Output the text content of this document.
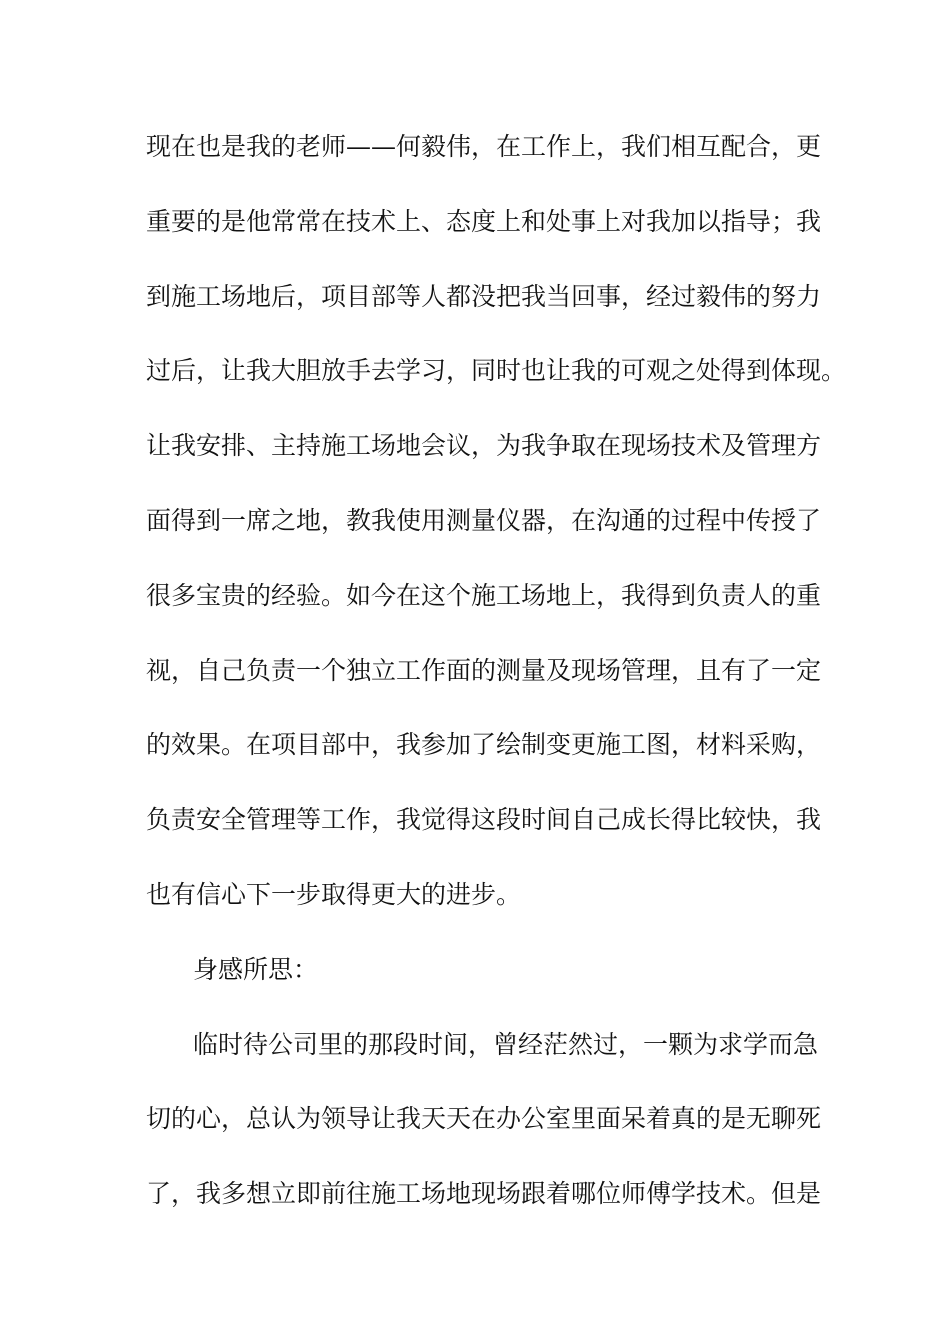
现在也是我的老师——何毅伟，在工作上，我们相互配合，更
重要的是他常常在技术上、态度上和处事上对我加以指导；我
到施工场地后，项目部等人都没把我当回事，经过毅伟的努力
过后，让我大胆放手去学习，同时也让我的可观之处得到体现。
让我安排、主持施工场地会议，为我争取在现场技术及管理方
面得到一席之地，教我使用测量仪器，在沟通的过程中传授了
很多宝贵的经验。如今在这个施工场地上，我得到负责人的重
视，自己负责一个独立工作面的测量及现场管理，且有了一定
的效果。在项目部中，我参加了绘制变更施工图，材料采购，
负责安全管理等工作，我觉得这段时间自己成长得比较快，我
也有信心下一步取得更大的进步。
身感所思：
临时待公司里的那段时间，曾经茫然过，一颗为求学而急
切的心，总认为领导让我天天在办公室里面呆着真的是无聊死
了，我多想立即前往施工场地现场跟着哪位师傅学技术。但是
